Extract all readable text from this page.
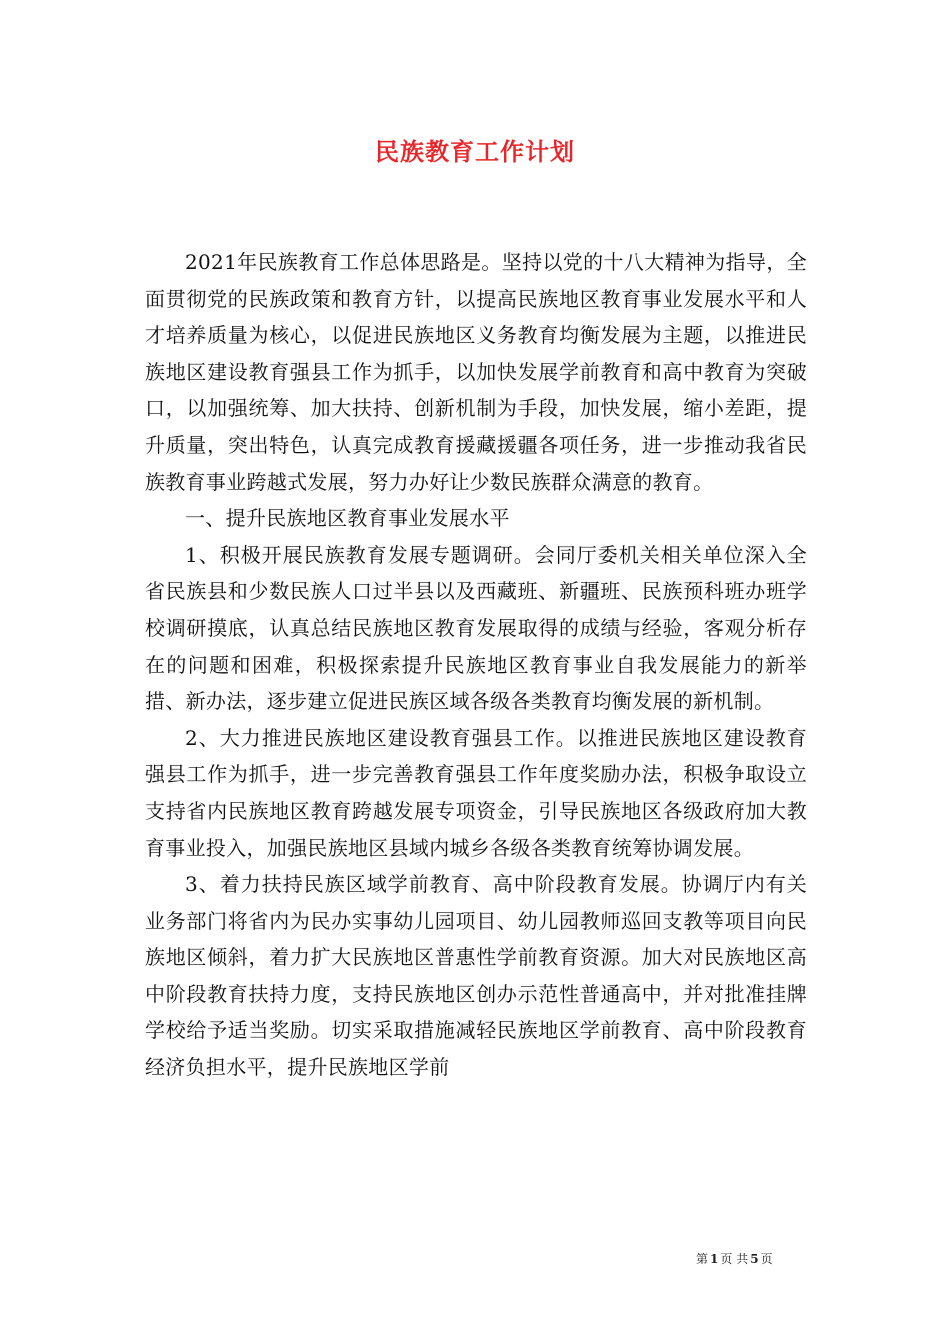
民族教育工作计划

2021年民族教育工作总体思路是。坚持以党的十八大精神为指导，全面贯彻党的民族政策和教育方针，以提高民族地区教育事业发展水平和人才培养质量为核心，以促进民族地区义务教育均衡发展为主题，以推进民族地区建设教育强县工作为抓手，以加快发展学前教育和高中教育为突破口，以加强统筹、加大扶持、创新机制为手段，加快发展，缩小差距，提升质量，突出特色，认真完成教育援藏援疆各项任务，进一步推动我省民族教育事业跨越式发展，努力办好让少数民族群众满意的教育。

一、提升民族地区教育事业发展水平

1、积极开展民族教育发展专题调研。会同厅委机关相关单位深入全省民族县和少数民族人口过半县以及西藏班、新疆班、民族预科班办班学校调研摸底，认真总结民族地区教育发展取得的成绩与经验，客观分析存在的问题和困难，积极探索提升民族地区教育事业自我发展能力的新举措、新办法，逐步建立促进民族区域各级各类教育均衡发展的新机制。

2、大力推进民族地区建设教育强县工作。以推进民族地区建设教育强县工作为抓手，进一步完善教育强县工作年度奖励办法，积极争取设立支持省内民族地区教育跨越发展专项资金，引导民族地区各级政府加大教育事业投入，加强民族地区县域内城乡各级各类教育统筹协调发展。

3、着力扶持民族区域学前教育、高中阶段教育发展。协调厅内有关业务部门将省内为民办实事幼儿园项目、幼儿园教师巡回支教等项目向民族地区倾斜，着力扩大民族地区普惠性学前教育资源。加大对民族地区高中阶段教育扶持力度，支持民族地区创办示范性普通高中，并对批准挂牌学校给予适当奖励。切实采取措施减轻民族地区学前教育、高中阶段教育经济负担水平，提升民族地区学前

第 1 页 共 5 页
